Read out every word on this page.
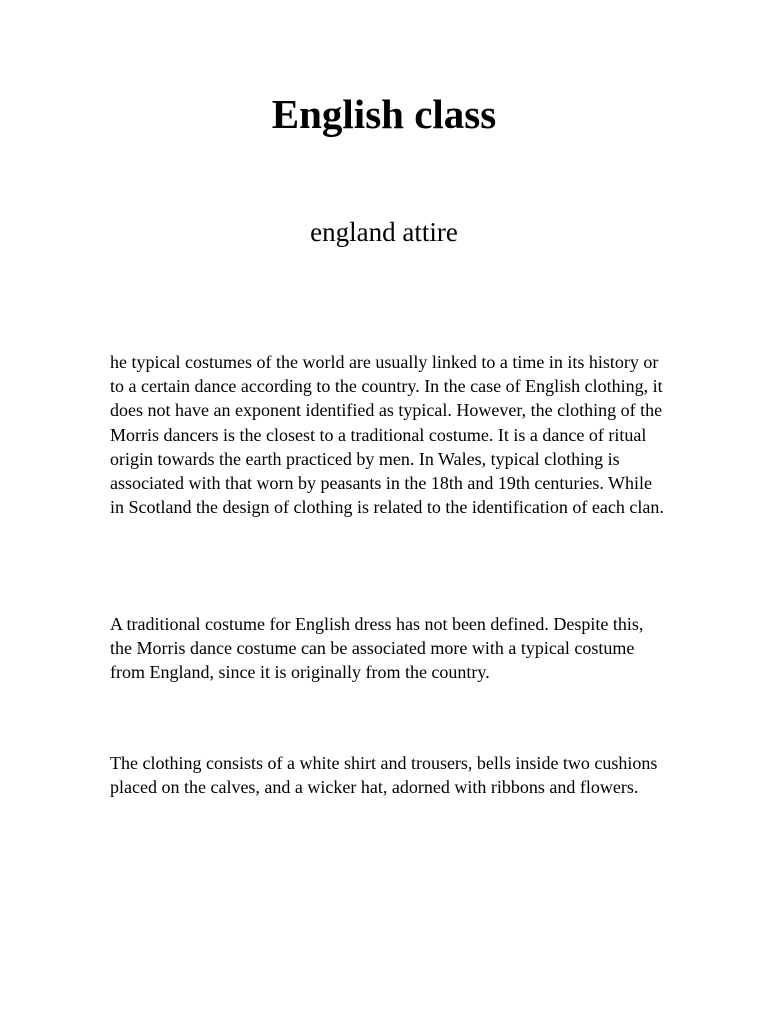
English class
england attire

he typical costumes of the world are usually linked to a time in its history or to a certain dance according to the country. In the case of English clothing, it does not have an exponent identified as typical. However, the clothing of the Morris dancers is the closest to a traditional costume. It is a dance of ritual origin towards the earth practiced by men. In Wales, typical clothing is associated with that worn by peasants in the 18th and 19th centuries. While in Scotland the design of clothing is related to the identification of each clan.

A traditional costume for English dress has not been defined. Despite this, the Morris dance costume can be associated more with a typical costume from England, since it is originally from the country.

The clothing consists of a white shirt and trousers, bells inside two cushions placed on the calves, and a wicker hat, adorned with ribbons and flowers.
